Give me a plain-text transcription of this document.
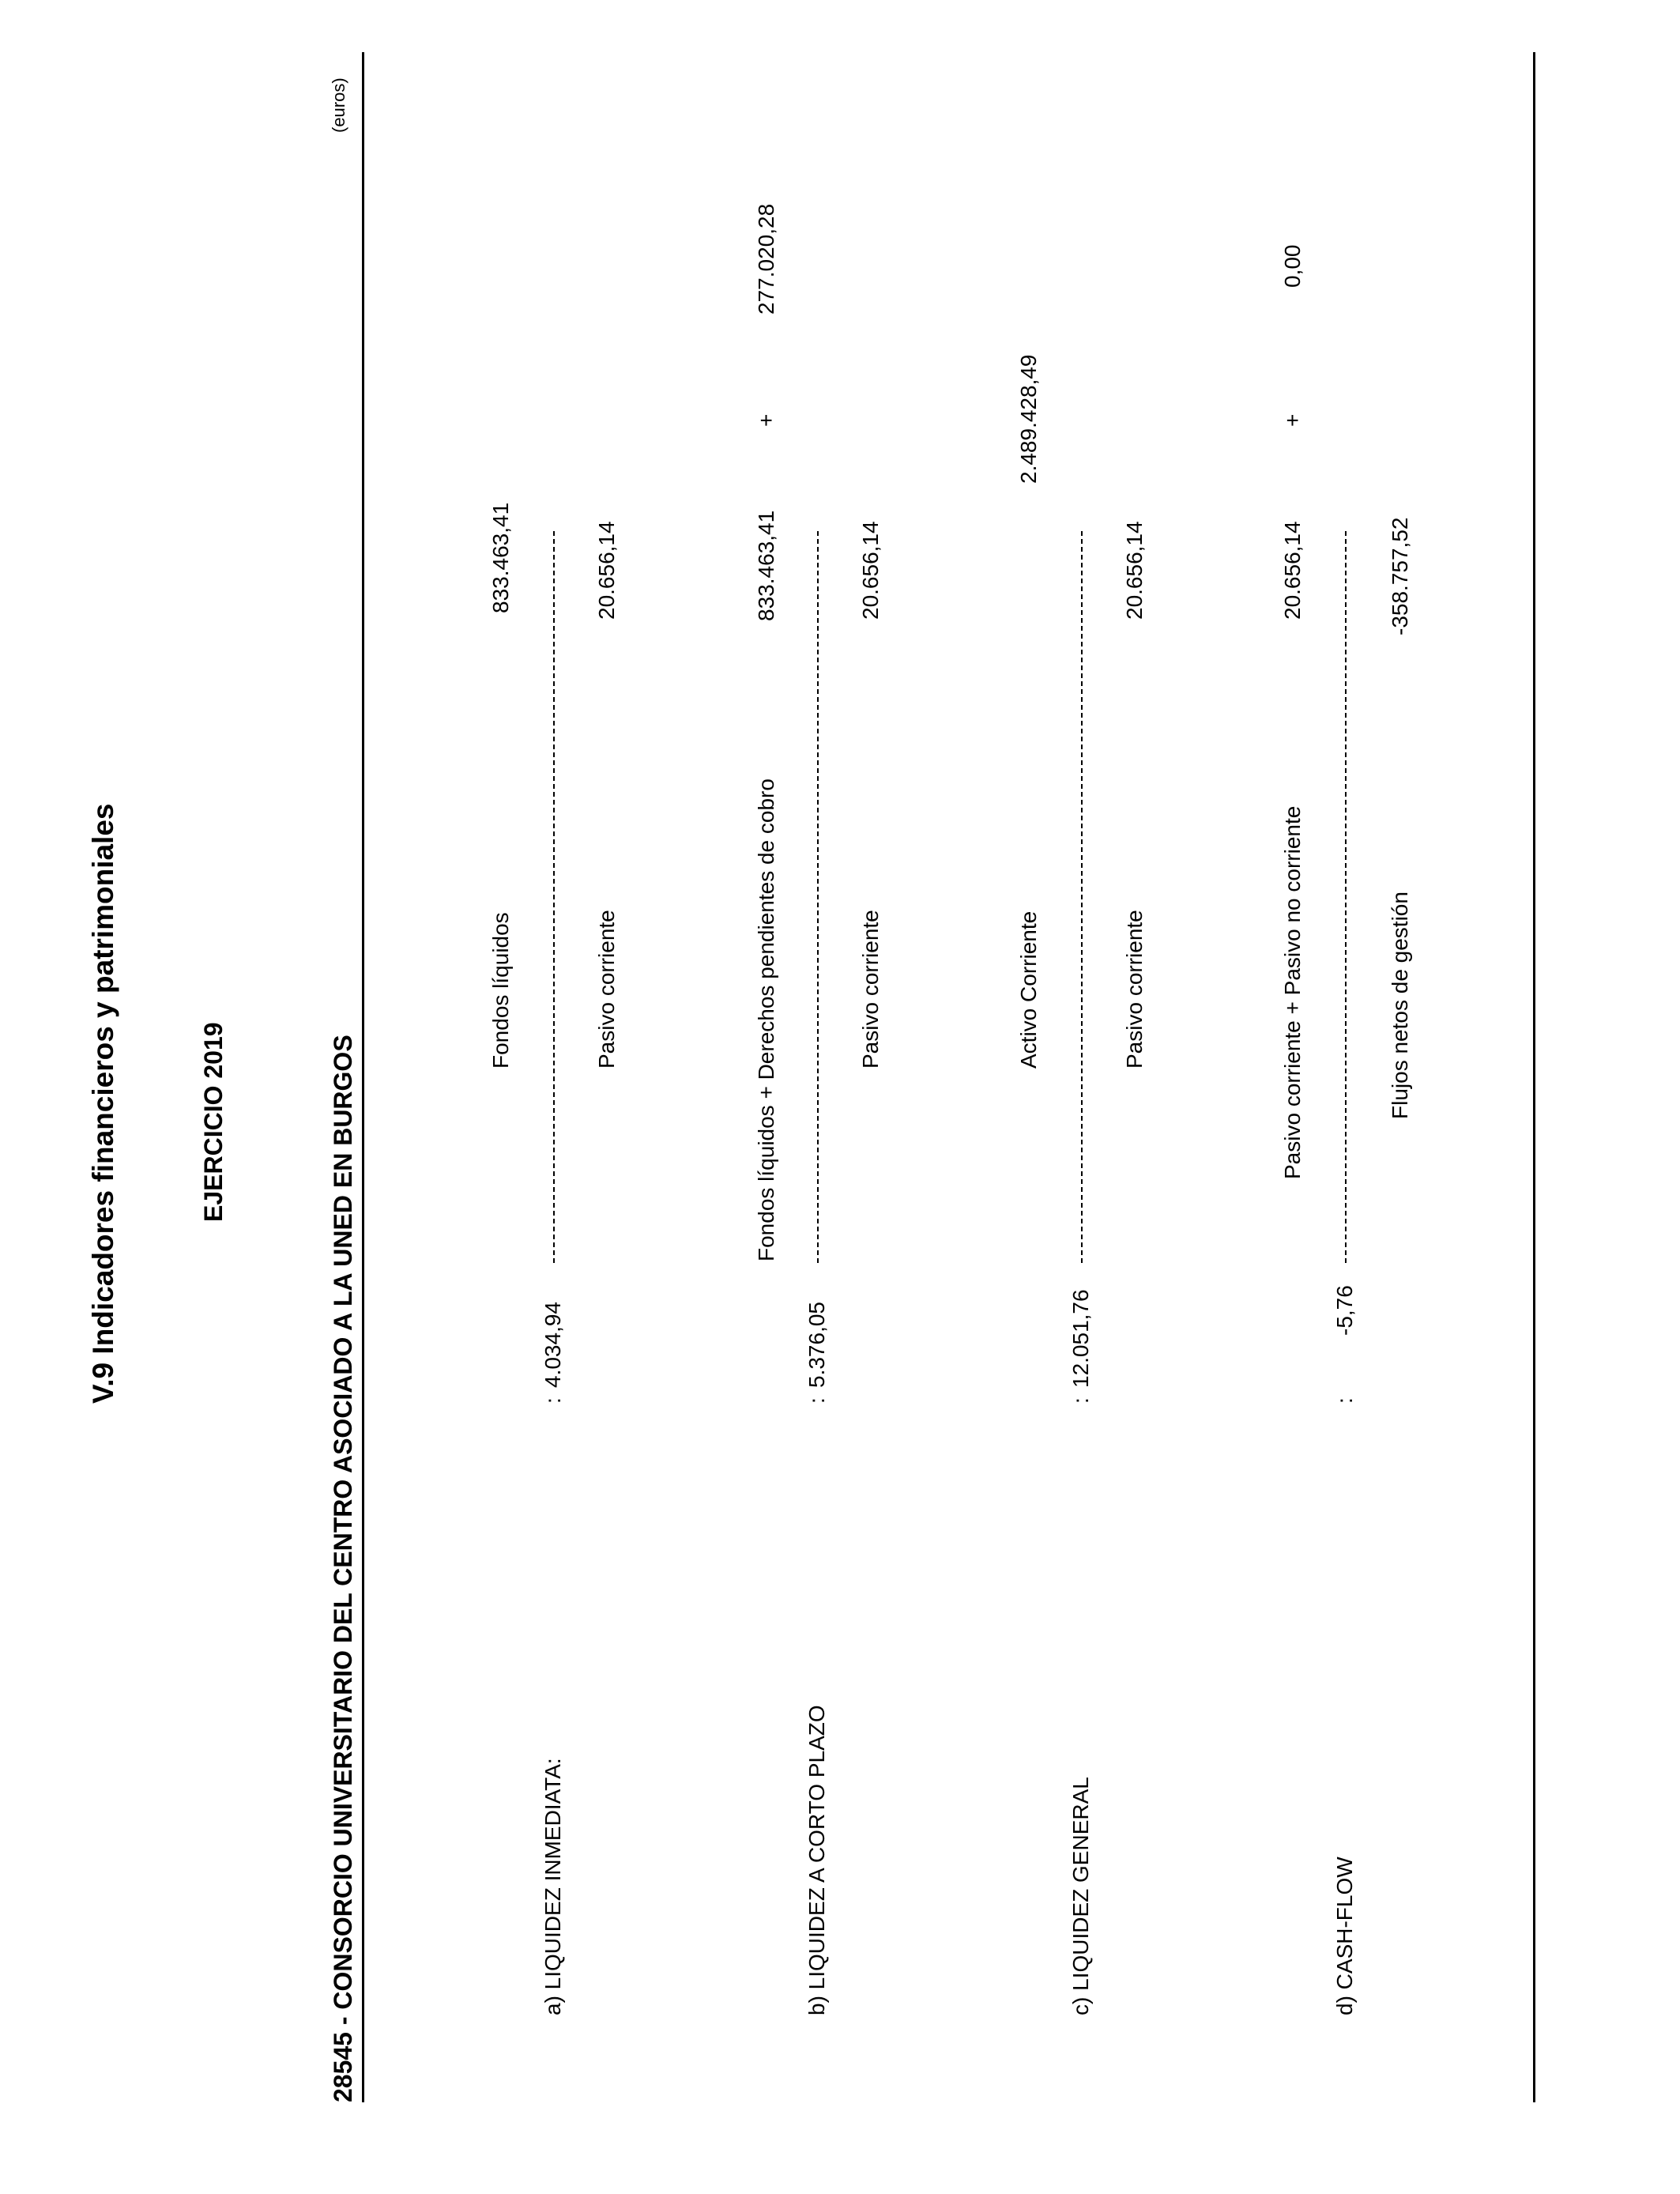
V.9 Indicadores financieros y patrimoniales	EJERCICIO 2019	28545 - CONSORCIO UNIVERSITARIO DEL CENTRO ASOCIADO A LA UNED EN BURGOS
(euros)
833.463,41
Fondos líquidos
a) LIQUIDEZ INMEDIATA:
4.034,94
:
Pasivo corriente
20.656,14
Fondos líquidos + Derechos pendientes de cobro
833.463,41
+
277.020,28
b) LIQUIDEZ A CORTO PLAZO
5.376,05
:
Pasivo corriente
20.656,14
Activo Corriente
2.489.428,49
c) LIQUIDEZ GENERAL
12.051,76
:
Pasivo corriente
20.656,14
Pasivo corriente + Pasivo no corriente
20.656,14
+
0,00
d) CASH-FLOW
-5,76
:
Flujos netos de gestión
-358.757,52
